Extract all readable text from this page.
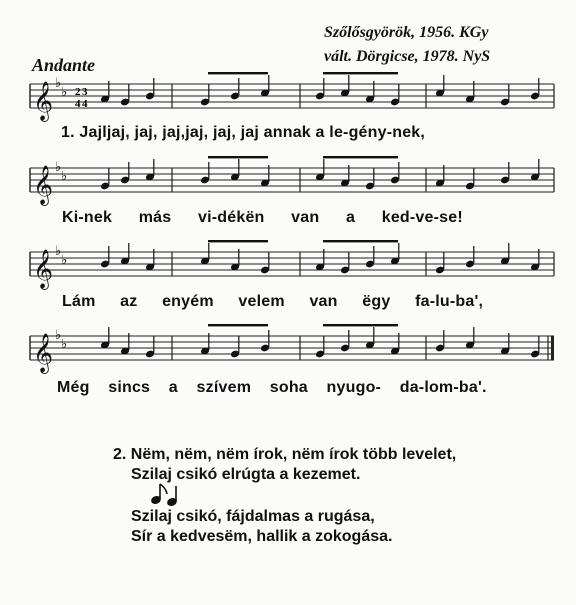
Andante
Szőlősgyörök, 1956. KGy
vált. Dörgicse, 1978. NyS
𝄞 ♭
♭
𝄞 ♭
♭
𝄞 ♭
♭
𝄞 ♭
♭
2 3
4 4
1. Jajljaj, jaj, jaj,jaj, jaj, jaj annak a le-gény-nek,
Ki-nek más vi-dékën van a ked-ve-se!
Lám az enyém velem van ëgy fa-lu-ba',
Még sincs a szívem soha nyugo- da-lom-ba'.
2. Nëm, nëm, nëm írok, nëm írok több levelet,
Szilaj csikó elrúgta a kezemet.
Szilaj csikó, fájdalmas a rugása,
Sír a kedvesëm, hallik a zokogása.
